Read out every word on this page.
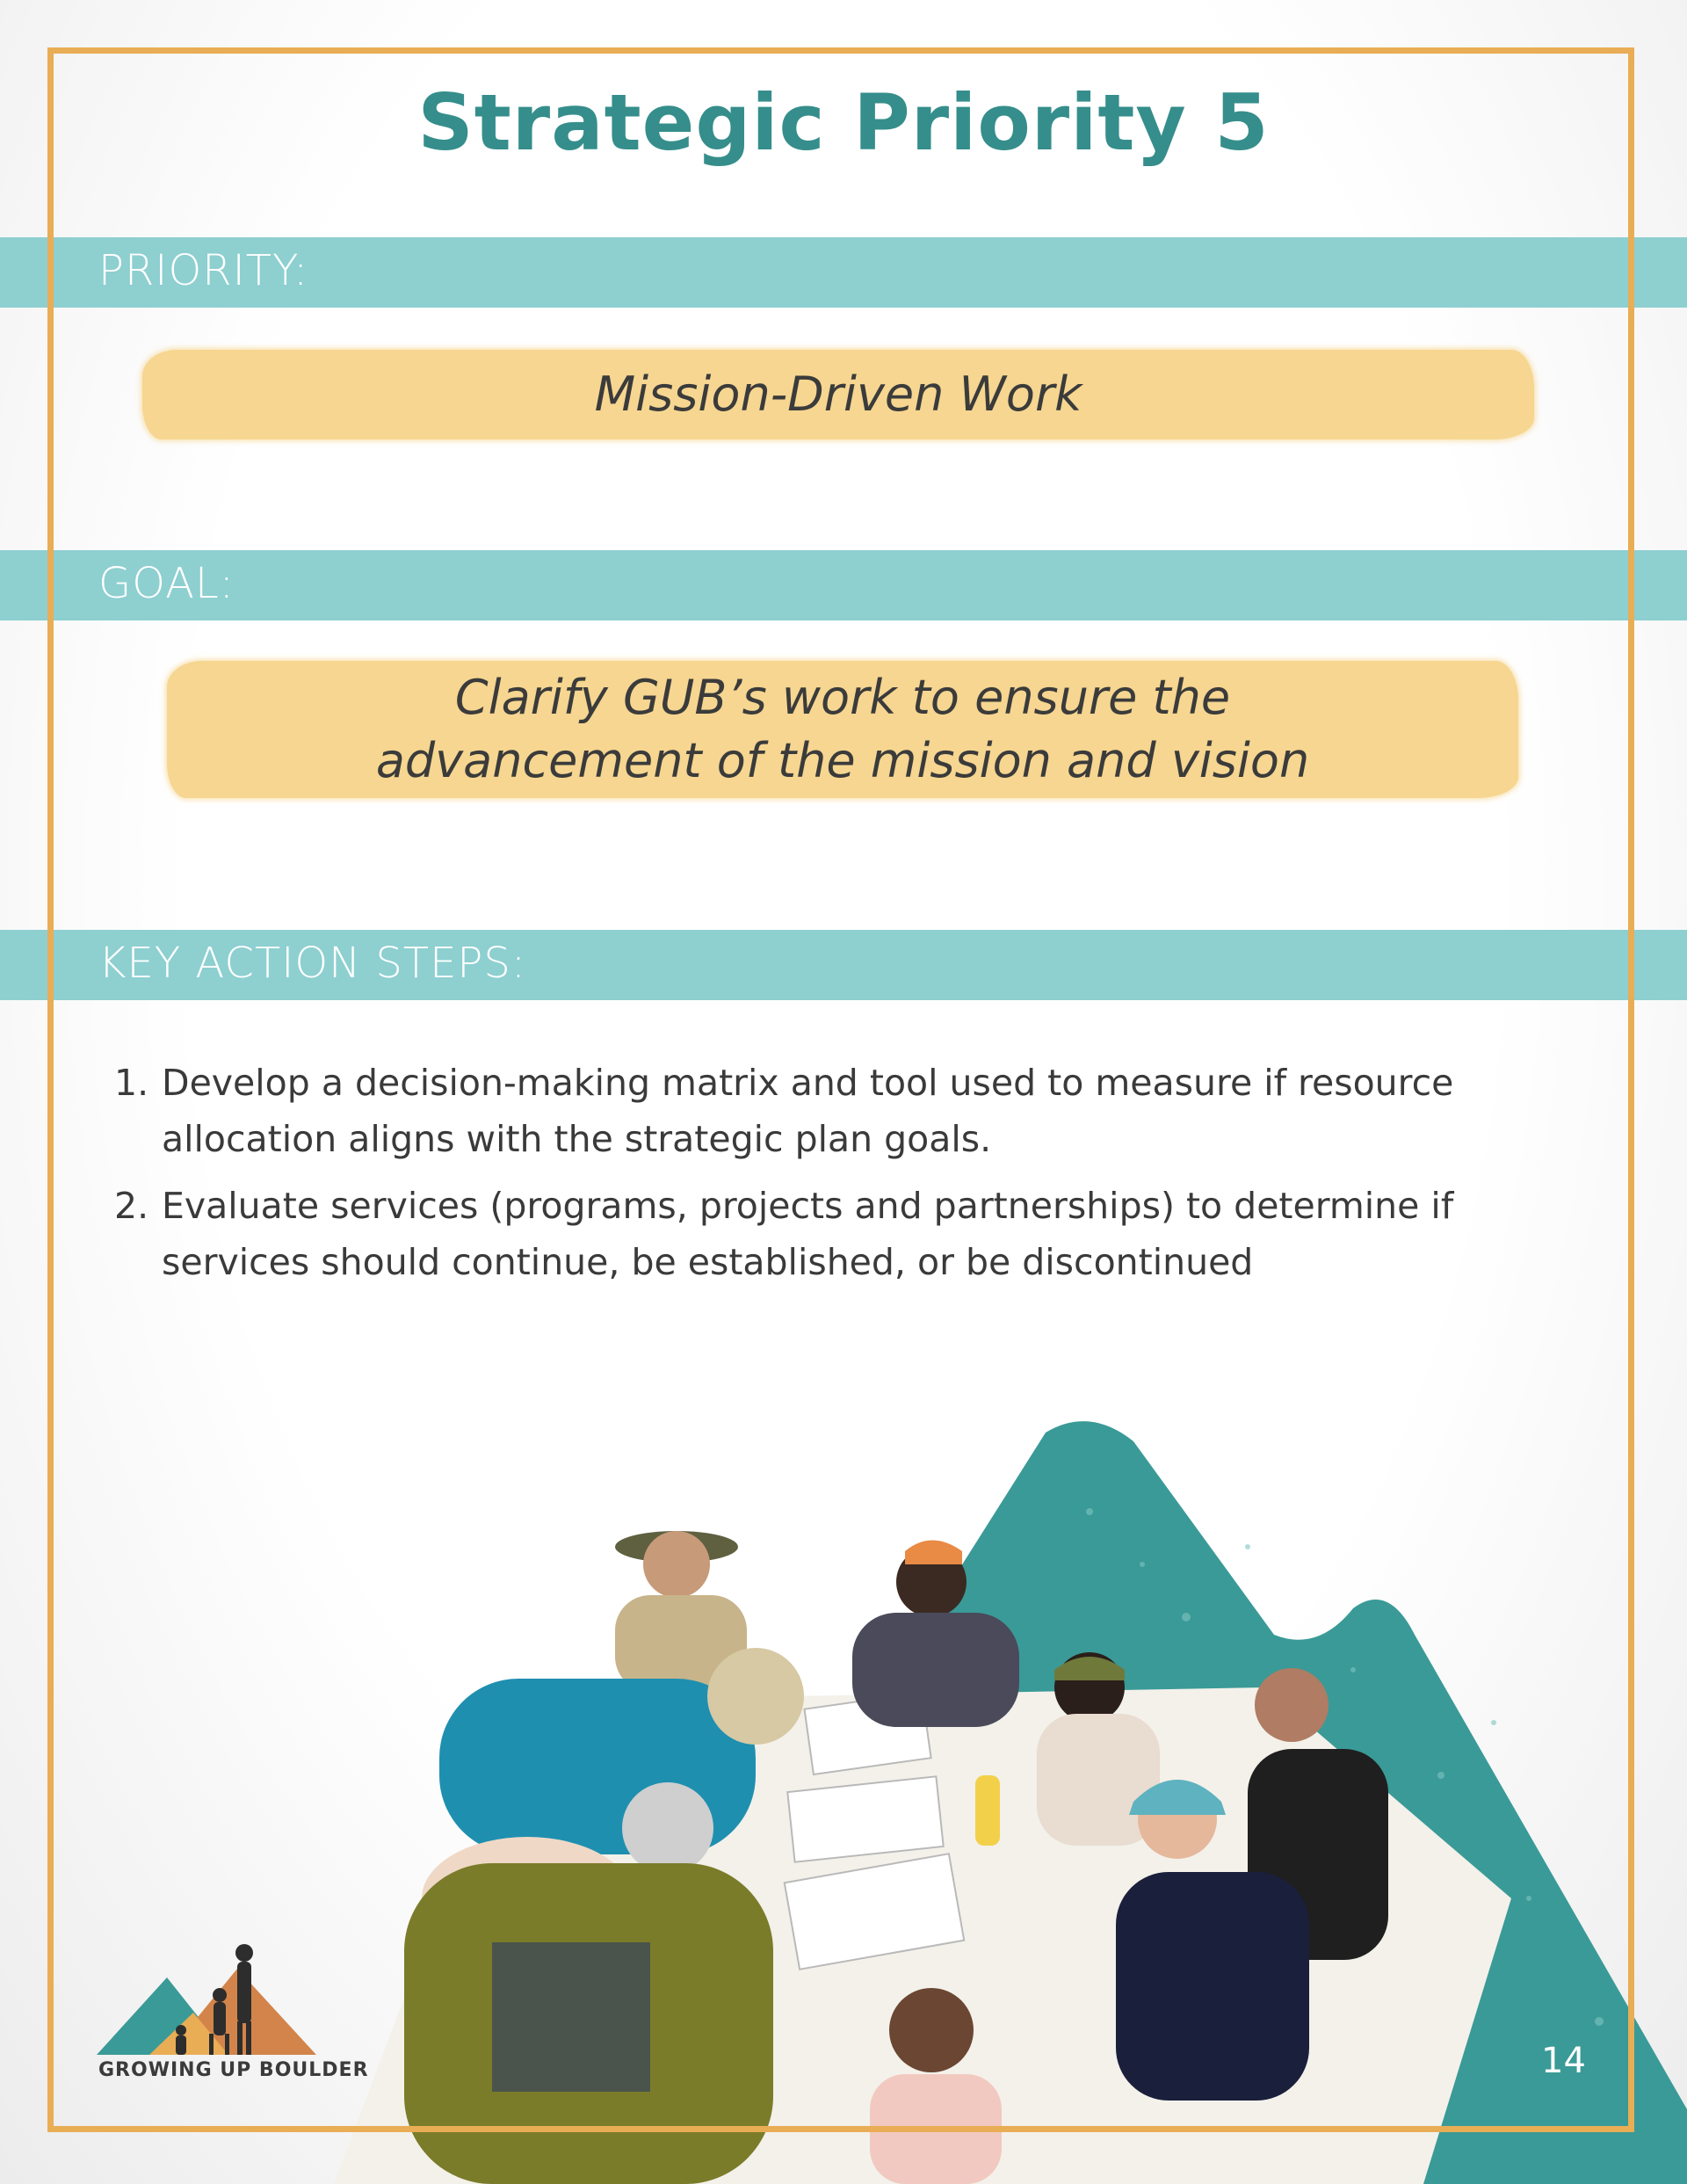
Strategic Priority 5
PRIORITY:
Mission-Driven Work
GOAL:
Clarify GUB’s work to ensure the
advancement of the mission and vision
KEY ACTION STEPS:
1. Develop a decision-making matrix and tool used to measure if resource
allocation aligns with the strategic plan goals.
2. Evaluate services (programs, projects and partnerships) to determine if
services should continue, be established, or be discontinued
GROWING UP BOULDER	14
